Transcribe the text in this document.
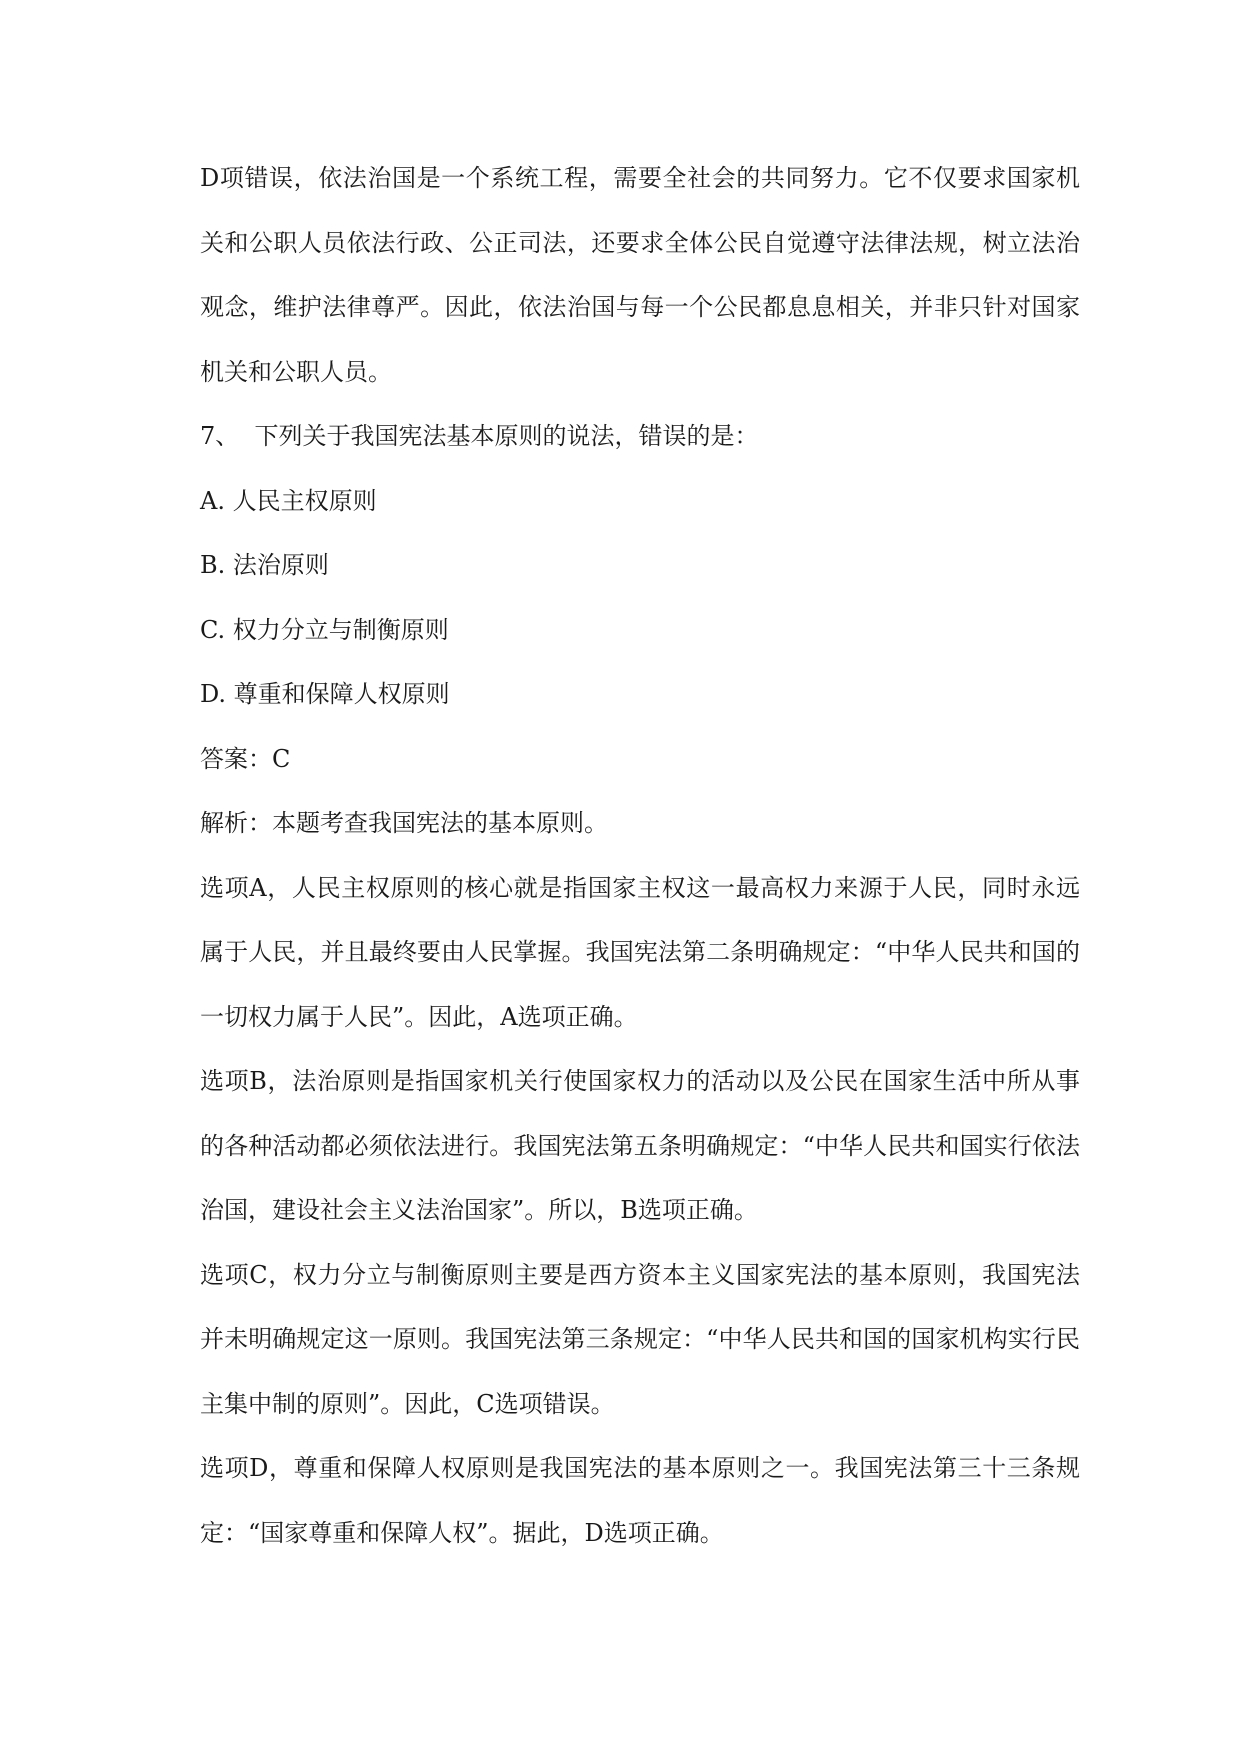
D项错误，依法治国是一个系统工程，需要全社会的共同努力。它不仅要求国家机关和公职人员依法行政、公正司法，还要求全体公民自觉遵守法律法规，树立法治观念，维护法律尊严。因此，依法治国与每一个公民都息息相关，并非只针对国家机关和公职人员。

7、 下列关于我国宪法基本原则的说法，错误的是：

A. 人民主权原则

B. 法治原则

C. 权力分立与制衡原则

D. 尊重和保障人权原则

答案：C

解析：本题考查我国宪法的基本原则。

选项A，人民主权原则的核心就是指国家主权这一最高权力来源于人民，同时永远属于人民，并且最终要由人民掌握。我国宪法第二条明确规定：“中华人民共和国的一切权力属于人民”。因此，A选项正确。

选项B，法治原则是指国家机关行使国家权力的活动以及公民在国家生活中所从事的各种活动都必须依法进行。我国宪法第五条明确规定：“中华人民共和国实行依法治国，建设社会主义法治国家”。所以，B选项正确。

选项C，权力分立与制衡原则主要是西方资本主义国家宪法的基本原则，我国宪法并未明确规定这一原则。我国宪法第三条规定：“中华人民共和国的国家机构实行民主集中制的原则”。因此，C选项错误。

选项D，尊重和保障人权原则是我国宪法的基本原则之一。我国宪法第三十三条规定：“国家尊重和保障人权”。据此，D选项正确。
